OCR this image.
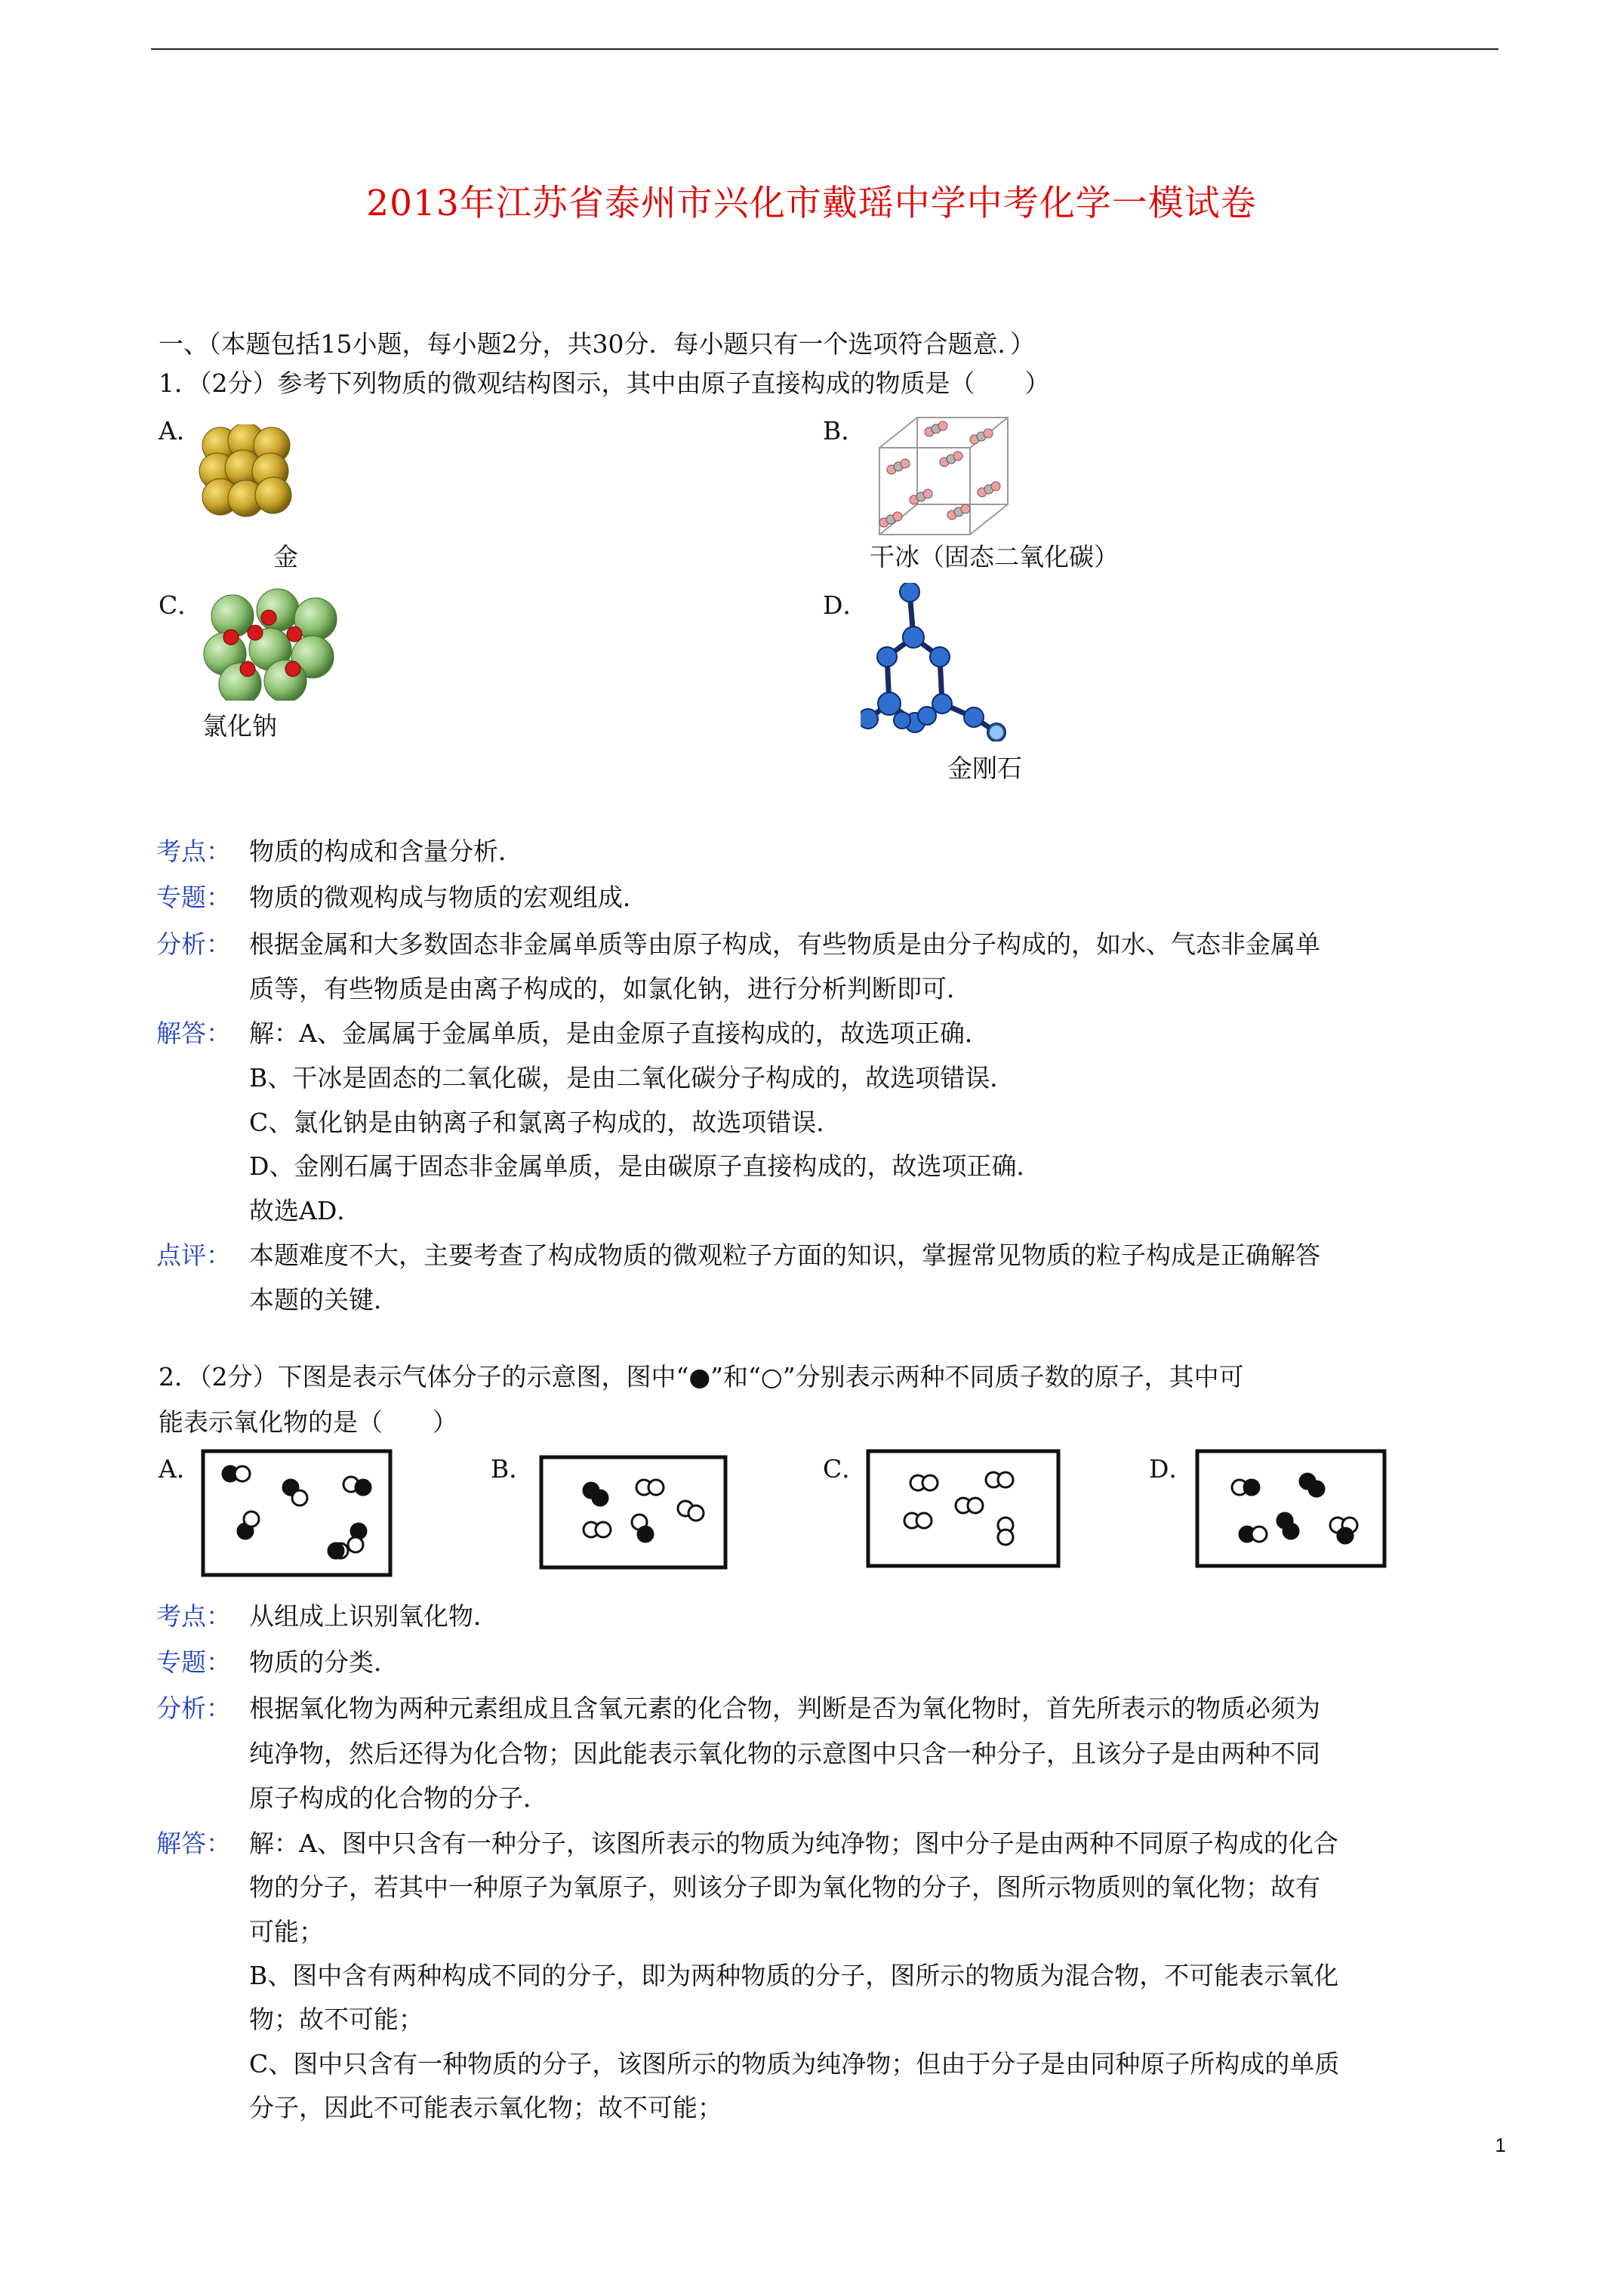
2013年江苏省泰州市兴化市戴瑶中学中考化学一模试卷
一、（本题包括15小题，每小题2分，共30分．每小题只有一个选项符合题意．）
1．（2分）参考下列物质的微观结构图示，其中由原子直接构成的物质是（　　）
A．
金
B．
干冰（固态二氧化碳）
C．
氯化钠
D．
金刚石
考点： 物质的构成和含量分析．
专题： 物质的微观构成与物质的宏观组成．
分析： 根据金属和大多数固态非金属单质等由原子构成，有些物质是由分子构成的，如水、气态非金属单
质等，有些物质是由离子构成的，如氯化钠，进行分析判断即可．
解答： 解：A、金属属于金属单质，是由金原子直接构成的，故选项正确．
B、干冰是固态的二氧化碳，是由二氧化碳分子构成的，故选项错误．
C、氯化钠是由钠离子和氯离子构成的，故选项错误．
D、金刚石属于固态非金属单质，是由碳原子直接构成的，故选项正确．
故选AD．
点评： 本题难度不大，主要考查了构成物质的微观粒子方面的知识，掌握常见物质的粒子构成是正确解答
本题的关键．
2．（2分）下图是表示气体分子的示意图，图中“●”和“○”分别表示两种不同质子数的原子，其中可
能表示氧化物的是（　　）
A．	B．	C．	D．
考点： 从组成上识别氧化物．
专题： 物质的分类．
分析： 根据氧化物为两种元素组成且含氧元素的化合物，判断是否为氧化物时，首先所表示的物质必须为
纯净物，然后还得为化合物；因此能表示氧化物的示意图中只含一种分子，且该分子是由两种不同
原子构成的化合物的分子．
解答： 解：A、图中只含有一种分子，该图所表示的物质为纯净物；图中分子是由两种不同原子构成的化合
物的分子，若其中一种原子为氧原子，则该分子即为氧化物的分子，图所示物质则的氧化物；故有
可能；
B、图中含有两种构成不同的分子，即为两种物质的分子，图所示的物质为混合物，不可能表示氧化
物；故不可能；
C、图中只含有一种物质的分子，该图所示的物质为纯净物；但由于分子是由同种原子所构成的单质
分子，因此不可能表示氧化物；故不可能；
1
